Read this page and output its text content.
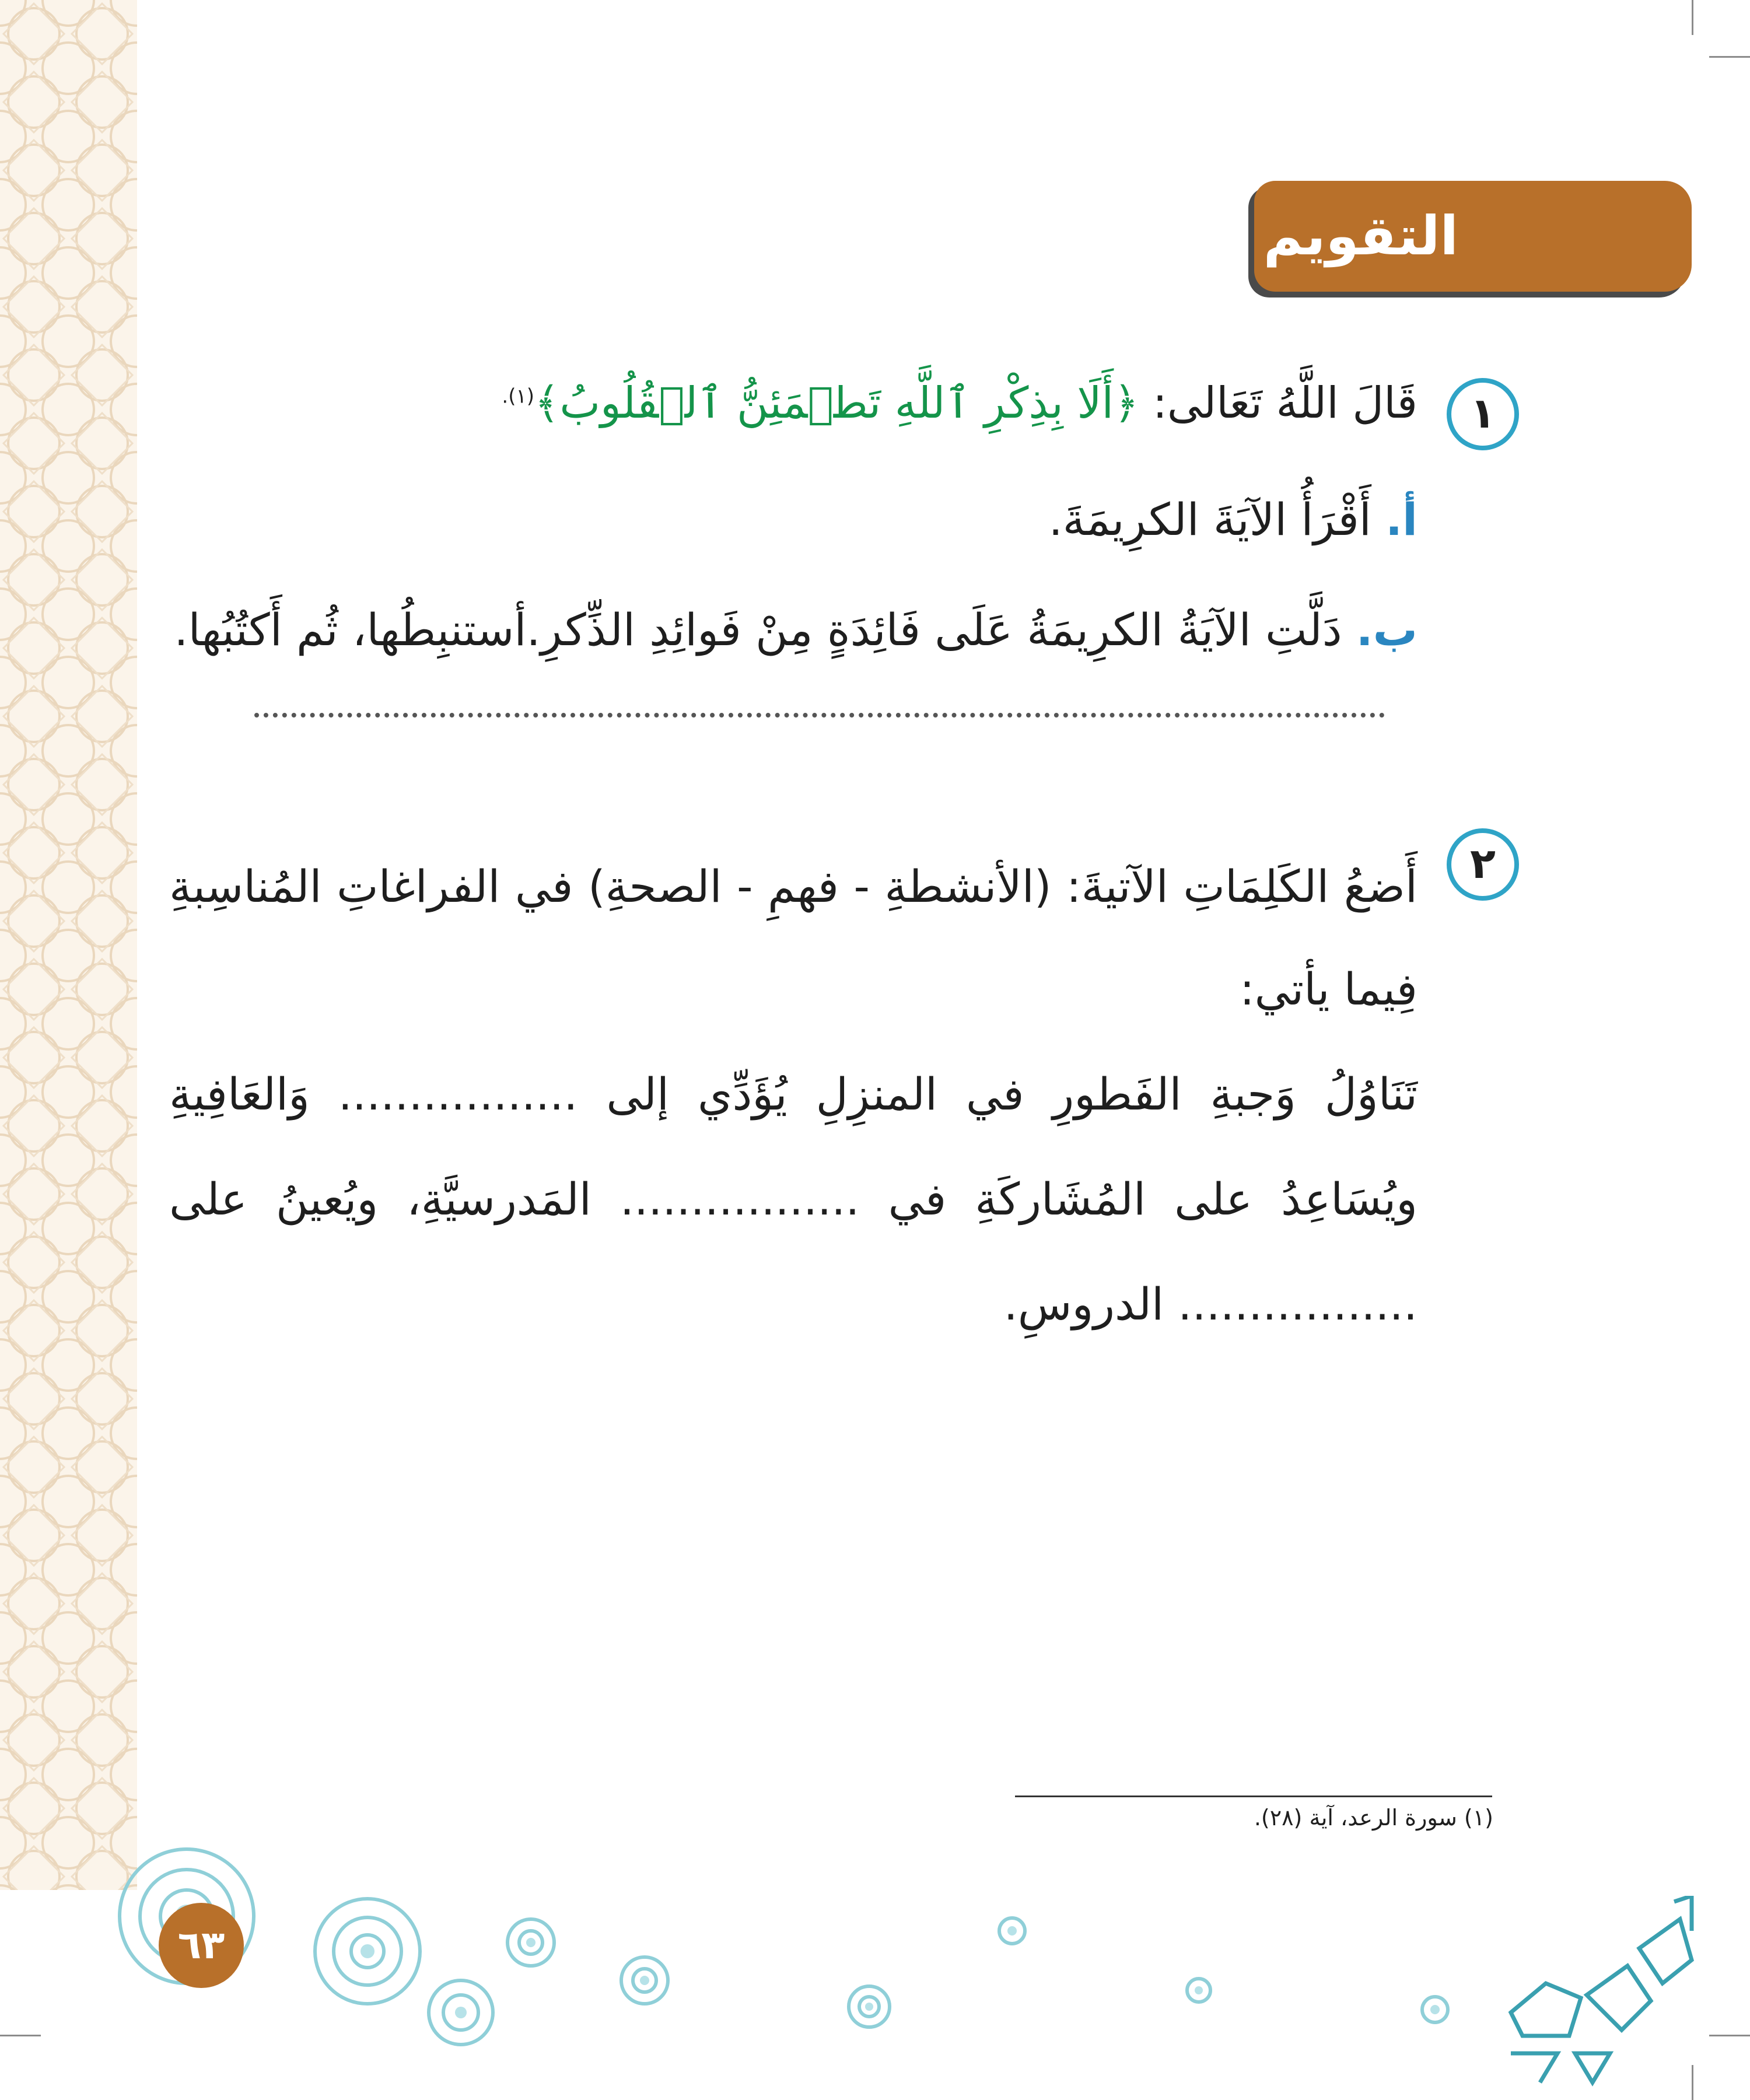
التقويم
١
قَالَ اللَّهُ تَعَالى: ﴿أَلَا بِذِكْرِ ٱللَّهِ تَطۡمَئِنُّ ٱلۡقُلُوبُ﴾$^{(١).}$
أ. أَقْرَأُ الآيَةَ الكرِيمَةَ.
ب. دَلَّتِ الآيَةُ الكرِيمَةُ عَلَى فَائِدَةٍ مِنْ فَوائِدِ الذِّكرِ.أستنبِطُها، ثُم أَكتُبُها.
٢
أَضعُ الكَلِمَاتِ الآتيةَ: (الأنشطةِ - فهمِ - الصحةِ) في الفراغاتِ المُناسِبةِ فِيما يأتي:
تَنَاوُلُ وَجبةِ الفَطورِ في المنزِلِ يُؤَدِّي إلى ................. وَالعَافِيةِ ويُسَاعِدُ على المُشَاركَةِ في ................. المَدرسيَّةِ، ويُعينُ على ................. الدروسِ.
(١) سورة الرعد، آية (٢٨).
٦٣
